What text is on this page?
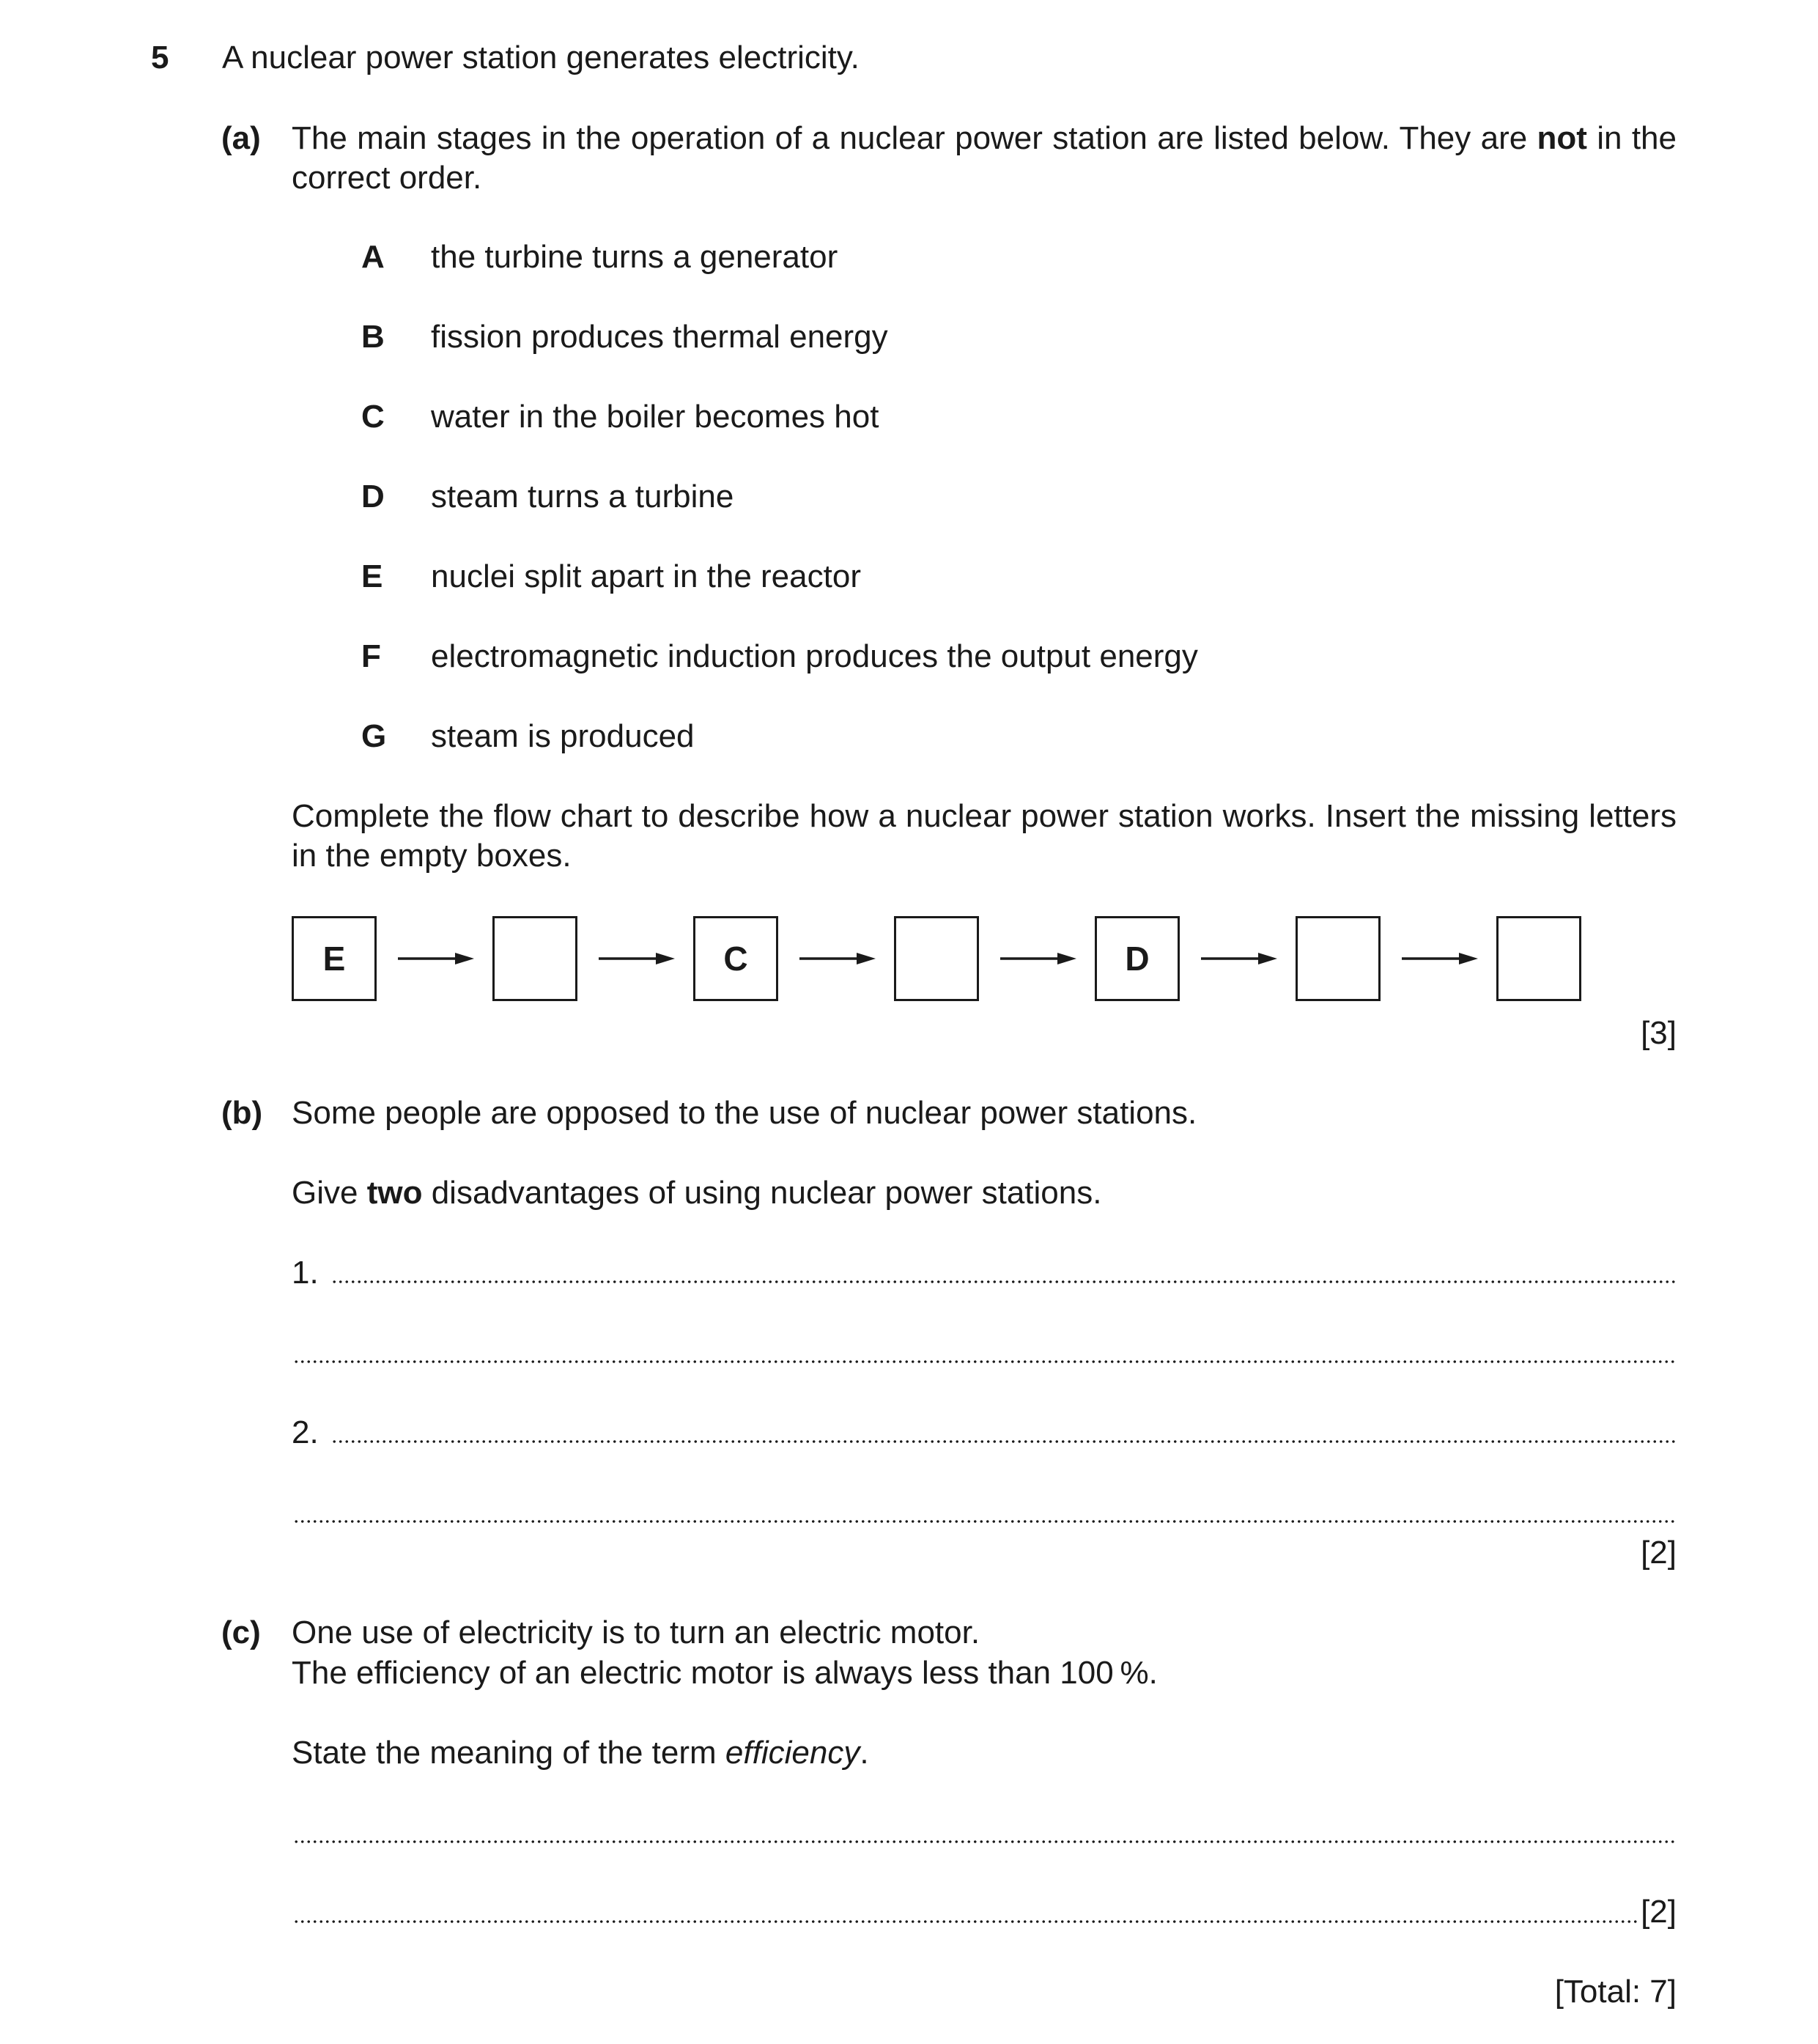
5 A nuclear power station generates electricity.
(a) The main stages in the operation of a nuclear power station are listed below. They are not in the correct order.
A the turbine turns a generator
B fission produces thermal energy
C water in the boiler becomes hot
D steam turns a turbine
E nuclei split apart in the reactor
F electromagnetic induction produces the output energy
G steam is produced
Complete the flow chart to describe how a nuclear power station works. Insert the missing letters in the empty boxes.
E	C	D
[3]
(b) Some people are opposed to the use of nuclear power stations.
Give two disadvantages of using nuclear power stations.
1.
2.
[2]
(c) One use of electricity is to turn an electric motor.
The efficiency of an electric motor is always less than 100 %.
State the meaning of the term efficiency.
[2]
[Total: 7]
